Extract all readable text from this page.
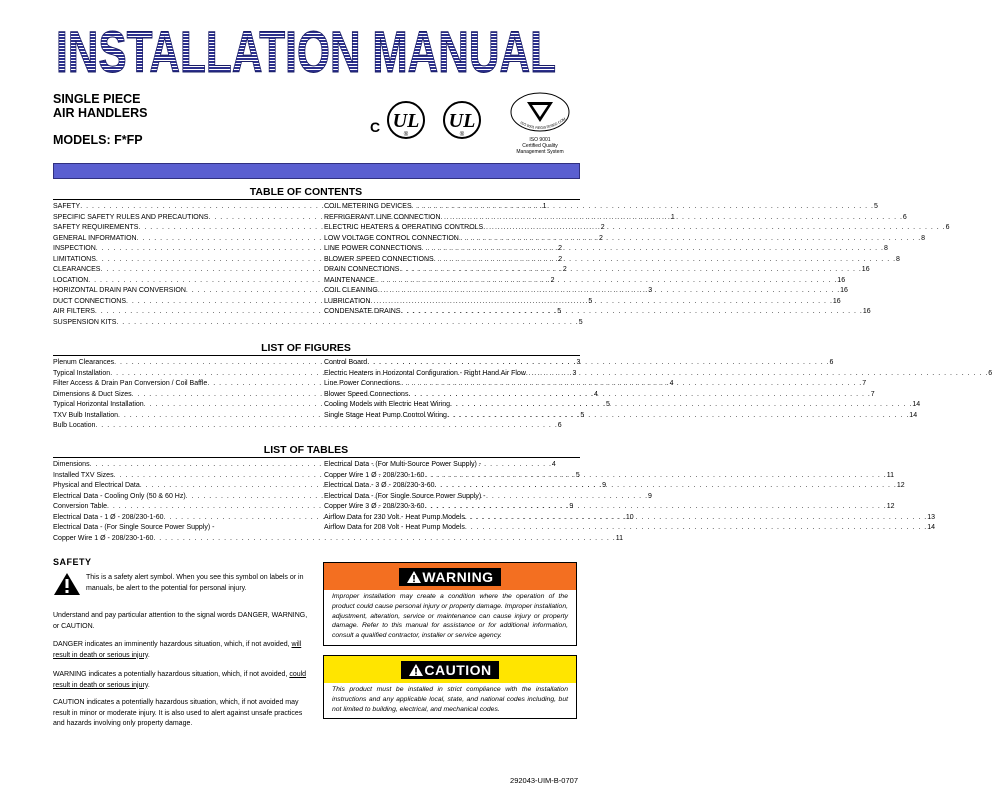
INSTALLATION MANUAL
SINGLE PIECE
AIR HANDLERS
MODELS: F*FP
C UL
®
UL
®
ISO 9001 REGISTERED COM
ISO 9001
Certified Quality
Management System
TABLE OF CONTENTS
SAFETY . . .	1
SPECIFIC SAFETY RULES AND PRECAUTIONS . . .	1
SAFETY REQUIREMENTS . . .	2
GENERAL INFORMATION . . .	2
INSPECTION . . .	2
LIMITATIONS . . .	2
CLEARANCES . . .	2
LOCATION . . .	2
HORIZONTAL DRAIN PAN CONVERSION . . .	3
DUCT CONNECTIONS . . .	5
AIR FILTERS . . .	5
SUSPENSION KITS . . .	5
COIL METERING DEVICES . . .	5
REFRIGERANT LINE CONNECTION . . .	6
ELECTRIC HEATERS & OPERATING CONTROLS . . .	6
LOW VOLTAGE CONTROL CONNECTION . . .	8
LINE POWER CONNECTIONS . . .	8
BLOWER SPEED CONNECTIONS . . .	8
DRAIN CONNECTIONS . . .	16
MAINTENANCE . . .	16
COIL CLEANING . . .	16
LUBRICATION . . .	16
CONDENSATE DRAINS . . .	16
LIST OF FIGURES
Plenum Clearances . . .	3
Typical Installation . . .	3
Filter Access & Drain Pan Conversion / Coil Baffle . . .	4
Dimensions & Duct Sizes . . .	4
Typical Horizontal Installation . . .	5
TXV Bulb Installation . . .	5
Bulb Location . . .	6
Control Board . . .	6
Electric Heaters in Horizontal Configuration - Right Hand Air Flow . . .	6
Line Power Connections . . .	7
Blower Speed Connections . . .	7
Cooling Models with Electric Heat Wiring . . .	14
Single Stage Heat Pump Control Wiring . . .	14
LIST OF TABLES
Dimensions . . .	4
Installed TXV Sizes . . .	5
Physical and Electrical Data . . .	9
Electrical Data - Cooling Only (50 & 60 Hz) . . .	9
Conversion Table . . .	9
Electrical Data - 1 Ø - 208/230-1-60 . . .	10
Electrical Data - (For Single Source Power Supply) -
Copper Wire 1 Ø - 208/230-1-60 . . .	11
Electrical Data - (For Multi-Source Power Supply) -
Copper Wire 1 Ø - 208/230-1-60 . . .	11
Electrical Data - 3 Ø - 208/230-3-60 . . .	12
Electrical Data - (For Single Source Power Supply) -
Copper Wire 3 Ø - 208/230-3-60 . . .	12
Airflow Data for 230 Volt - Heat Pump Models . . .	13
Airflow Data for 208 Volt - Heat Pump Models . . .	14
SAFETY
This is a safety alert symbol. When you see this symbol on labels or in manuals, be alert to the potential for personal injury.
Understand and pay particular attention to the signal words DANGER, WARNING, or CAUTION.
DANGER indicates an imminently hazardous situation, which, if not avoided, will result in death or serious injury.
WARNING indicates a potentially hazardous situation, which, if not avoided, could result in death or serious injury.
CAUTION indicates a potentially hazardous situation, which, if not avoided may result in minor or moderate injury. It is also used to alert against unsafe practices and hazards involving only property damage.
WARNING
Improper installation may create a condition where the operation of the product could cause personal injury or property damage. Improper installation, adjustment, alteration, service or maintenance can cause injury or property damage. Refer to this manual for assistance or for additional information, consult a qualified contractor, installer or service agency.
CAUTION
This product must be installed in strict compliance with the installation instructions and any applicable local, state, and national codes including, but not limited to building, electrical, and mechanical codes.
292043-UIM-B-0707
